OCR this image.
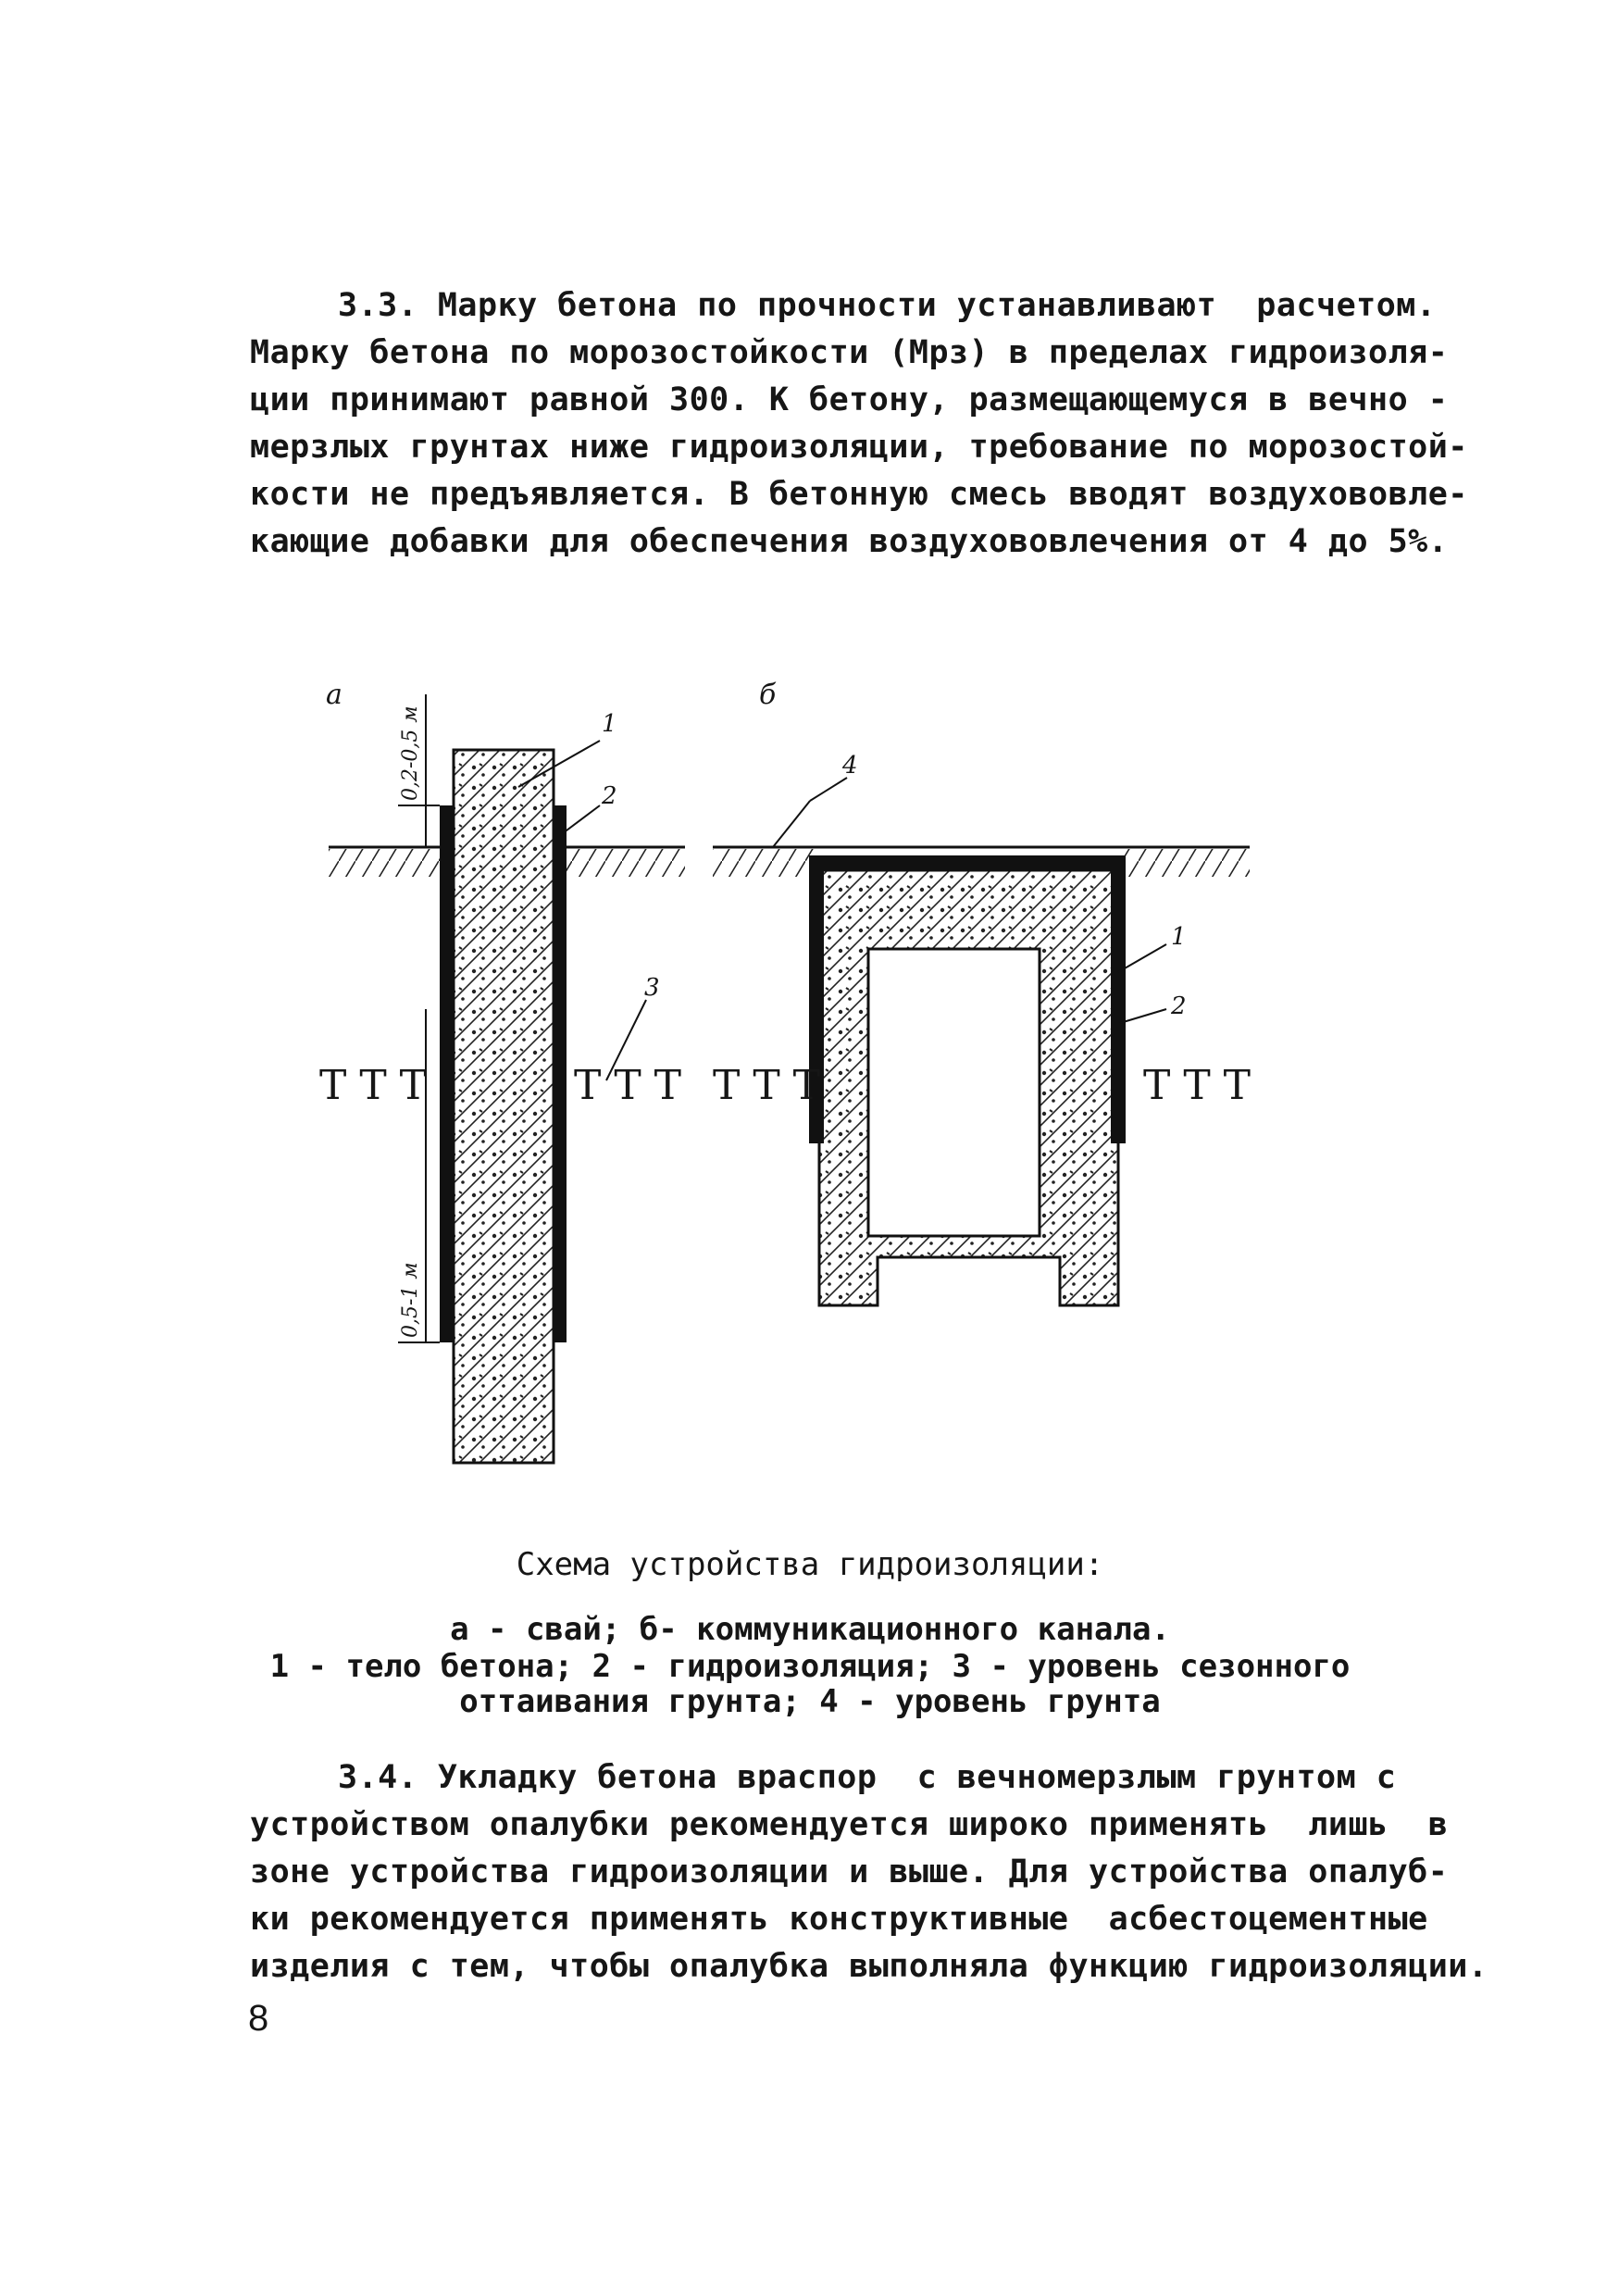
3.3. Марку бетона по прочности устанавливают  расчетом.
Марку бетона по морозостойкости (Мрз) в пределах гидроизоля-
ции принимают равной 300. К бетону, размещающемуся в вечно -
мерзлых грунтах ниже гидроизоляции, требование по морозостой-
кости не предъявляется. В бетонную смесь вводят воздухововле-
кающие добавки для обеспечения воздухововлечения от 4 до 5%.
а
0,2-0,5 м
0,5-1 м
Т Т Т	Т Т Т
1
2
3
б
Т Т Т	Т Т Т
4
1
2
Схема устройства гидроизоляции:
а - свай; б- коммуникационного канала.
1 - тело бетона; 2 - гидроизоляция; 3 - уровень сезонного
оттаивания грунта; 4 - уровень грунта
3.4. Укладку бетона враспор  с вечномерзлым грунтом с
устройством опалубки рекомендуется широко применять  лишь  в
зоне устройства гидроизоляции и выше. Для устройства опалуб-
ки рекомендуется применять конструктивные  асбестоцементные
изделия с тем, чтобы опалубка выполняла функцию гидроизоляции.
8
